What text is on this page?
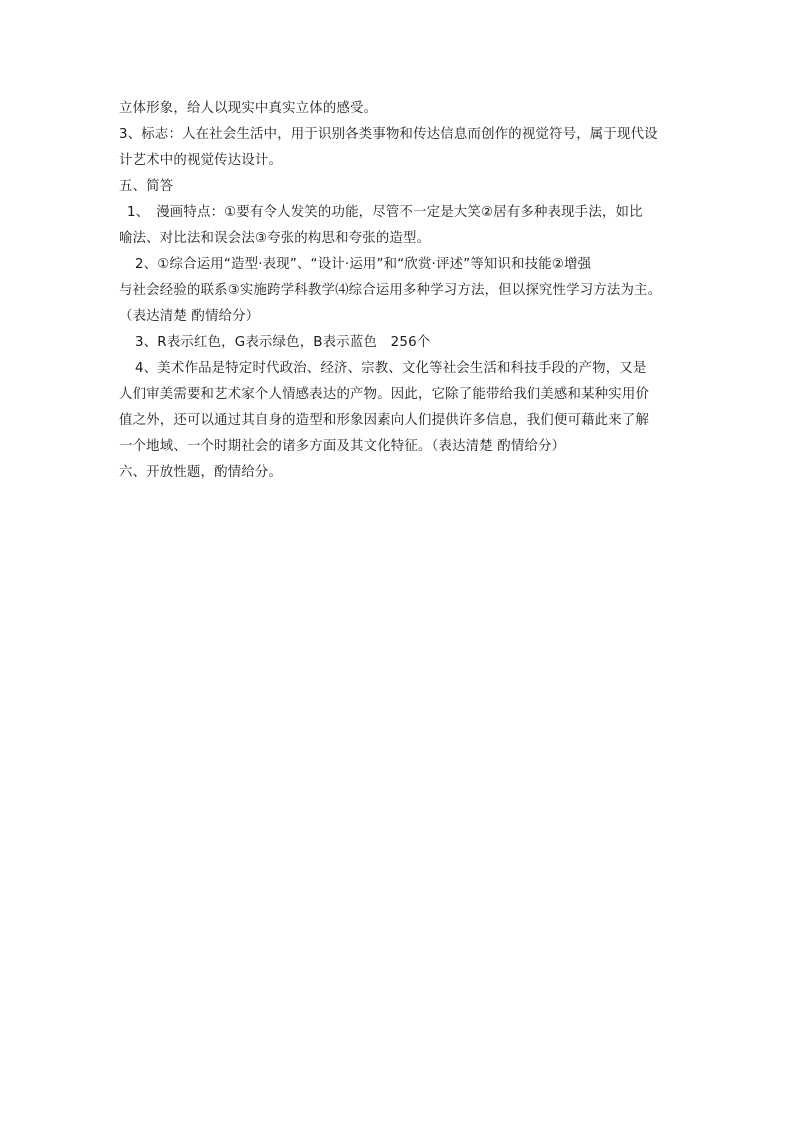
立体形象，给人以现实中真实立体的感受。
3、标志：人在社会生活中，用于识别各类事物和传达信息而创作的视觉符号，属于现代设
计艺术中的视觉传达设计。
五、简答
1、　漫画特点：①要有令人发笑的功能，尽管不一定是大笑②居有多种表现手法，如比
喻法、对比法和误会法③夸张的构思和夸张的造型。
2、①综合运用“造型·表现”、“设计·运用”和“欣赏·评述”等知识和技能②增强
与社会经验的联系③实施跨学科教学⑷综合运用多种学习方法，但以探究性学习方法为主。
（表达清楚 酌情给分）
3、R表示红色，G表示绿色，B表示蓝色　256个
4、美术作品是特定时代政治、经济、宗教、文化等社会生活和科技手段的产物，又是
人们审美需要和艺术家个人情感表达的产物。因此，它除了能带给我们美感和某种实用价
值之外，还可以通过其自身的造型和形象因素向人们提供许多信息，我们便可藉此来了解
一个地域、一个时期社会的诸多方面及其文化特征。（表达清楚 酌情给分）
六、开放性题，酌情给分。
